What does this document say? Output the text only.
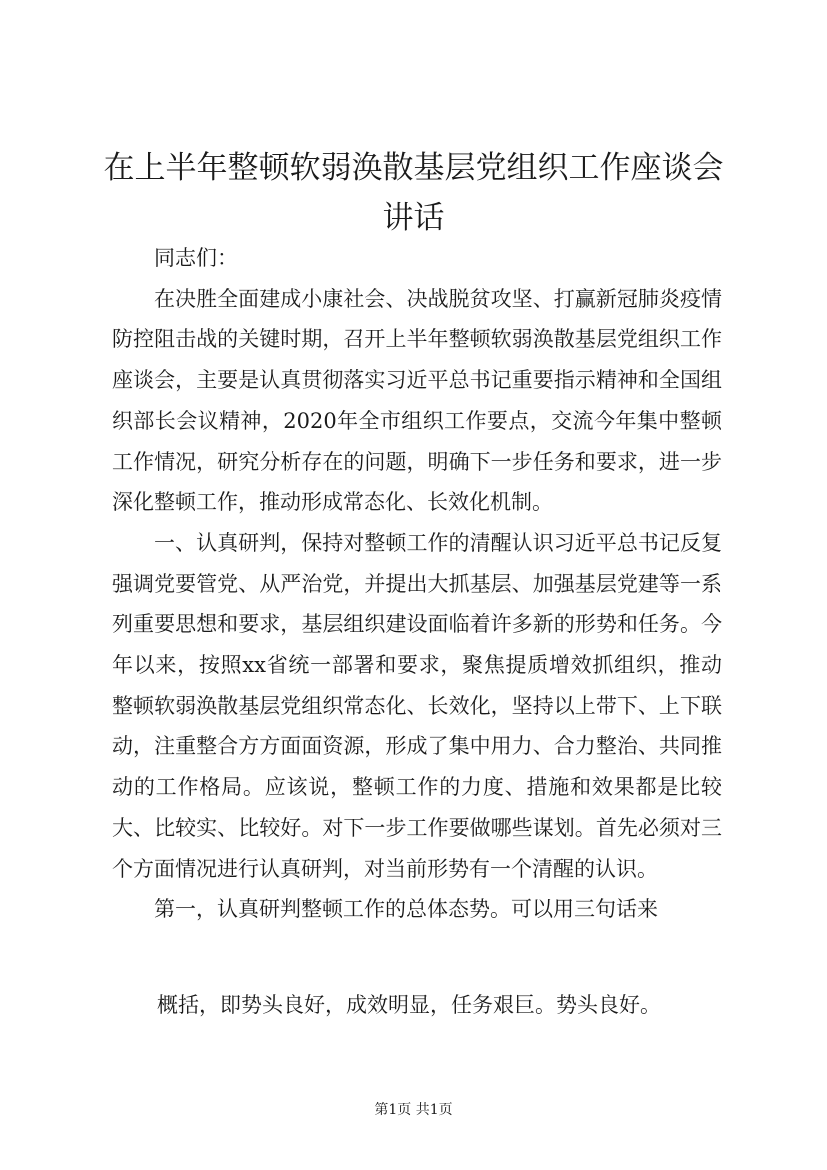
在上半年整顿软弱涣散基层党组织工作座谈会讲话

同志们：

在决胜全面建成小康社会、决战脱贫攻坚、打赢新冠肺炎疫情防控阻击战的关键时期，召开上半年整顿软弱涣散基层党组织工作座谈会，主要是认真贯彻落实习近平总书记重要指示精神和全国组织部长会议精神，2020年全市组织工作要点，交流今年集中整顿工作情况，研究分析存在的问题，明确下一步任务和要求，进一步深化整顿工作，推动形成常态化、长效化机制。

一、认真研判，保持对整顿工作的清醒认识习近平总书记反复强调党要管党、从严治党，并提出大抓基层、加强基层党建等一系列重要思想和要求，基层组织建设面临着许多新的形势和任务。今年以来，按照xx省统一部署和要求，聚焦提质增效抓组织，推动整顿软弱涣散基层党组织常态化、长效化，坚持以上带下、上下联动，注重整合方方面面资源，形成了集中用力、合力整治、共同推动的工作格局。应该说，整顿工作的力度、措施和效果都是比较大、比较实、比较好。对下一步工作要做哪些谋划。首先必须对三个方面情况进行认真研判，对当前形势有一个清醒的认识。

第一，认真研判整顿工作的总体态势。可以用三句话来

概括，即势头良好，成效明显，任务艰巨。势头良好。
第1页 共1页
